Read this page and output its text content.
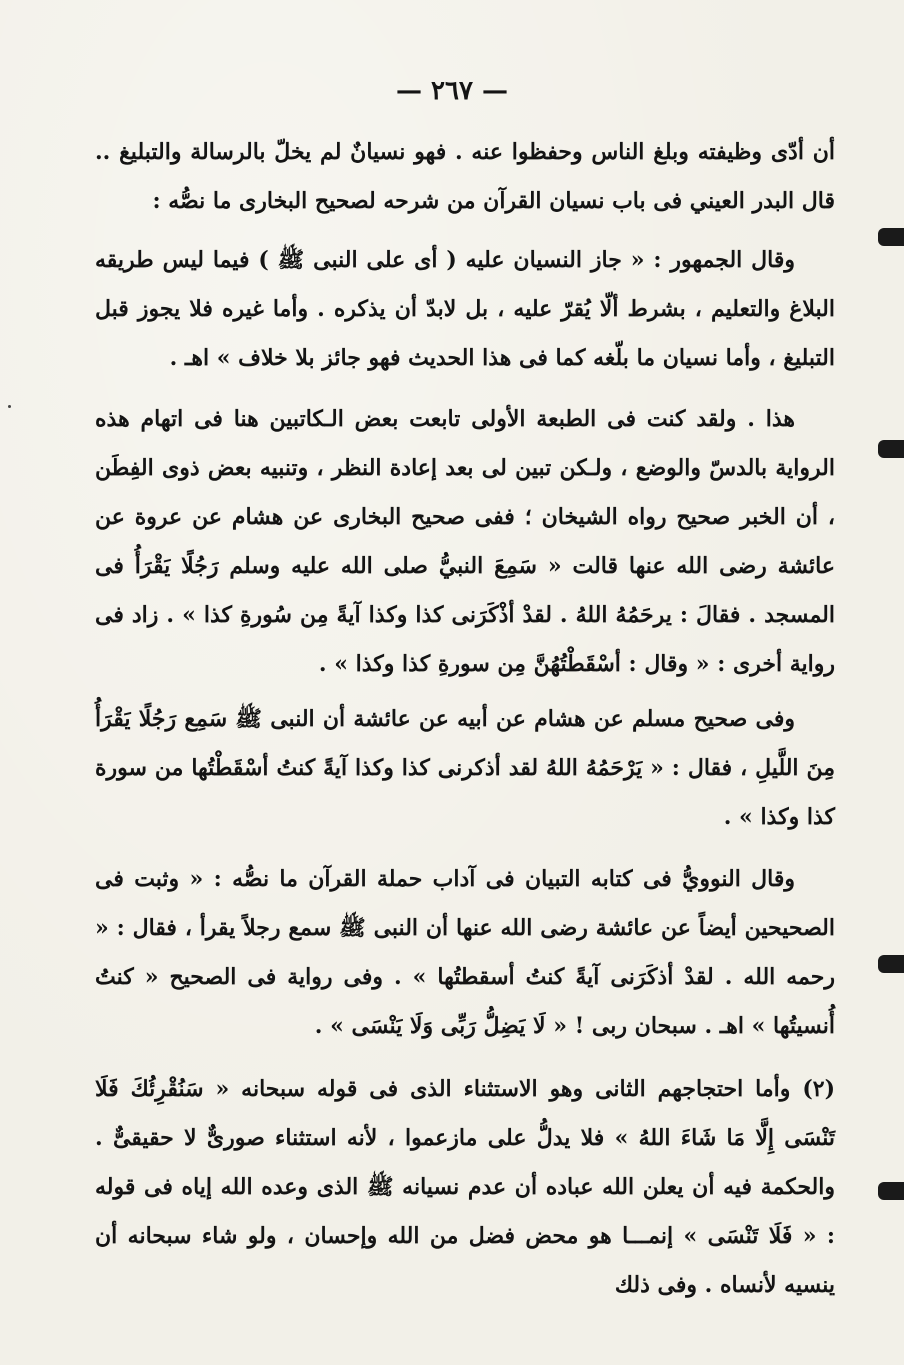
— ٢٦٧ —

أن أدّى وظيفته وبلغ الناس وحفظوا عنه . فهو نسيانٌ لم يخلّ بالرسالة والتبليغ .. قال البدر العيني فى باب نسيان القرآن من شرحه لصحيح البخارى ما نصُّه :

وقال الجمهور : « جاز النسيان عليه ( أى على النبى ﷺ ) فيما ليس طريقه البلاغ والتعليم ، بشرط ألّا يُقرّ عليه ، بل لابدّ أن يذكره . وأما غيره فلا يجوز قبل التبليغ ، وأما نسيان ما بلّغه كما فى هذا الحديث فهو جائز بلا خلاف » اهـ .

هذا . ولقد كنت فى الطبعة الأولى تابعت بعض الـكاتبين هنا فى اتهام هذه الرواية بالدسّ والوضع ، ولـكن تبين لى بعد إعادة النظر ، وتنبيه بعض ذوى الفِطَن ، أن الخبر صحيح رواه الشيخان ؛ ففى صحيح البخارى عن هشام عن عروة عن عائشة رضى الله عنها قالت « سَمِعَ النبيُّ صلى الله عليه وسلم رَجُلًا يَقْرَأُ فى المسجد . فقالَ : يرحَمُهُ اللهُ . لقدْ أذْكَرَنى كذا وكذا آيةً مِن سُورةِ كذا » . زاد فى رواية أخرى : « وقال : أسْقَطْتُهُنَّ مِن سورةِ كذا وكذا » .

وفى صحيح مسلم عن هشام عن أبيه عن عائشة أن النبى ﷺ سَمِع رَجُلًا يَقْرَأُ مِنَ اللَّيلِ ، فقال : « يَرْحَمُهُ اللهُ لقد أذكرنى كذا وكذا آيةً كنتُ أسْقَطْتُها من سورة كذا وكذا » .

وقال النوويُّ فى كتابه التبيان فى آداب حملة القرآن ما نصُّه : « وثبت فى الصحيحين أيضاً عن عائشة رضى الله عنها أن النبى ﷺ سمع رجلاً يقرأ ، فقال : « رحمه الله . لقدْ أذكَرَنى آيةً كنتُ أسقطتُها » . وفى رواية فى الصحيح « كنتُ أُنسيتُها » اهـ . سبحان ربى ! « لَا يَضِلُّ رَبِّى وَلَا يَنْسَى » .

(٢) وأما احتجاجهم الثانى وهو الاستثناء الذى فى قوله سبحانه « سَنُقْرِئُكَ فَلَا تَنْسَى إِلَّا مَا شَاءَ اللهُ » فلا يدلُّ على مازعموا ، لأنه استثناء صورىٌّ لا حقيقىٌّ . والحكمة فيه أن يعلن الله عباده أن عدم نسيانه ﷺ الذى وعده الله إياه فى قوله : « فَلَا تَنْسَى » إنمـــا هو محض فضل من الله وإحسان ، ولو شاء سبحانه أن ينسيه لأنساه . وفى ذلك
